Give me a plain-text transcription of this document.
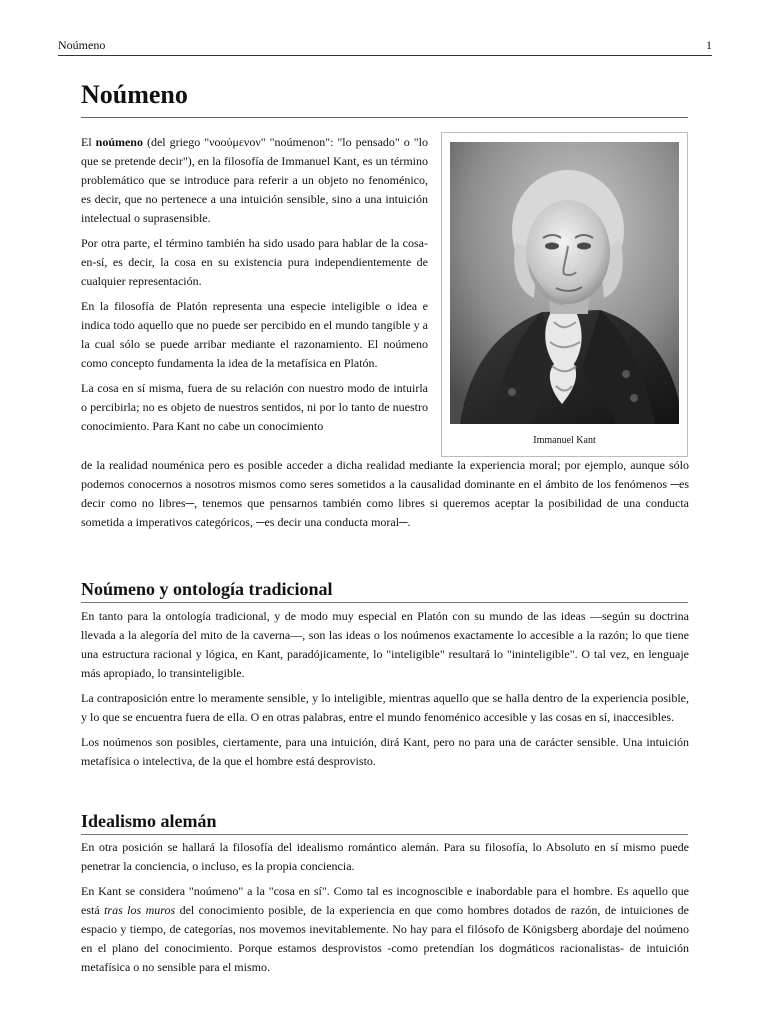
Noúmeno	1
Noúmeno
Immanuel Kant

El noúmeno (del griego "νοούμενον" "noúmenon": "lo pensado" o "lo que se pretende decir"), en la filosofía de Immanuel Kant, es un término problemático que se introduce para referir a un objeto no fenoménico, es decir, que no pertenece a una intuición sensible, sino a una intuición intelectual o suprasensible.

Por otra parte, el término también ha sido usado para hablar de la cosa-en-sí, es decir, la cosa en su existencia pura independientemente de cualquier representación.

En la filosofía de Platón representa una especie inteligible o idea e indica todo aquello que no puede ser percibido en el mundo tangible y a la cual sólo se puede arribar mediante el razonamiento. El noúmeno como concepto fundamenta la idea de la metafísica en Platón.

La cosa en sí misma, fuera de su relación con nuestro modo de intuirla o percibirla; no es objeto de nuestros sentidos, ni por lo tanto de nuestro conocimiento. Para Kant no cabe un conocimiento

de la realidad nouménica pero es posible acceder a dicha realidad mediante la experiencia moral; por ejemplo, aunque sólo podemos conocernos a nosotros mismos como seres sometidos a la causalidad dominante en el ámbito de los fenómenos ─es decir como no libres─, tenemos que pensarnos también como libres si queremos aceptar la posibilidad de una conducta sometida a imperativos categóricos, ─es decir una conducta moral─.

Noúmeno y ontología tradicional

En tanto para la ontología tradicional, y de modo muy especial en Platón con su mundo de las ideas —según su doctrina llevada a la alegoría del mito de la caverna—, son las ideas o los noúmenos exactamente lo accesible a la razón; lo que tiene una estructura racional y lógica, en Kant, paradójicamente, lo "inteligible" resultará lo "ininteligible". O tal vez, en lenguaje más apropiado, lo transinteligible.

La contraposición entre lo meramente sensible, y lo inteligible, mientras aquello que se halla dentro de la experiencia posible, y lo que se encuentra fuera de ella. O en otras palabras, entre el mundo fenoménico accesible y las cosas en sí, inaccesibles.

Los noúmenos son posibles, ciertamente, para una intuición, dirá Kant, pero no para una de carácter sensible. Una intuición metafísica o intelectiva, de la que el hombre está desprovisto.

Idealismo alemán

En otra posición se hallará la filosofía del idealismo romántico alemán. Para su filosofía, lo Absoluto en sí mismo puede penetrar la conciencia, o incluso, es la propia conciencia.

En Kant se considera "noúmeno" a la "cosa en sí". Como tal es incognoscible e inabordable para el hombre. Es aquello que está tras los muros del conocimiento posible, de la experiencia en que como hombres dotados de razón, de intuiciones de espacio y tiempo, de categorías, nos movemos inevitablemente. No hay para el filósofo de Königsberg abordaje del noúmeno en el plano del conocimiento. Porque estamos desprovistos -como pretendían los dogmáticos racionalistas- de intuición metafísica o no sensible para el mismo.
